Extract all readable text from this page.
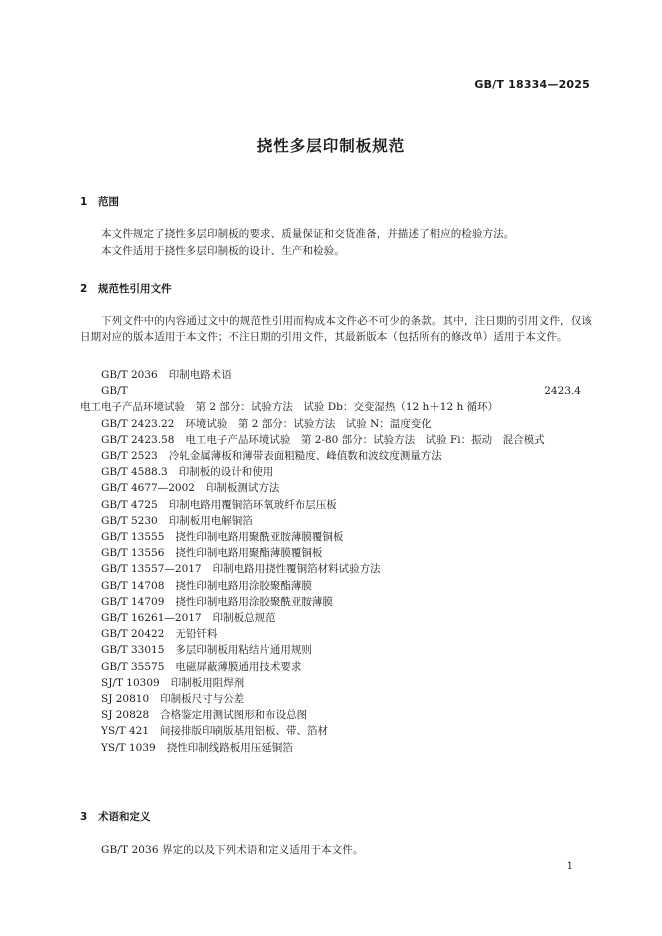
GB/T 18334—2025
挠性多层印制板规范
1 范围
本文件规定了挠性多层印制板的要求、质量保证和交货准备，并描述了相应的检验方法。
本文件适用于挠性多层印制板的设计、生产和检验。
2 规范性引用文件
下列文件中的内容通过文中的规范性引用而构成本文件必不可少的条款。其中，注日期的引用文件，仅该日期对应的版本适用于本文件；不注日期的引用文件，其最新版本（包括所有的修改单）适用于本文件。
GB/T 2036 印制电路术语
GB/T 2423.4电工电子产品环境试验　第 2 部分：试验方法　试验 Db：交变湿热（12 h＋12 h 循环）
GB/T 2423.22 环境试验　第 2 部分：试验方法　试验 N：温度变化
GB/T 2423.58 电工电子产品环境试验　第 2-80 部分：试验方法　试验 Fi：振动　混合模式
GB/T 2523 冷轧金属薄板和薄带表面粗糙度、峰值数和波纹度测量方法
GB/T 4588.3 印制板的设计和使用
GB/T 4677—2002 印制板测试方法
GB/T 4725 印制电路用覆铜箔环氧玻纤布层压板
GB/T 5230 印制板用电解铜箔
GB/T 13555 挠性印制电路用聚酰亚胺薄膜覆铜板
GB/T 13556 挠性印制电路用聚酯薄膜覆铜板
GB/T 13557—2017 印制电路用挠性覆铜箔材料试验方法
GB/T 14708 挠性印制电路用涂胶聚酯薄膜
GB/T 14709 挠性印制电路用涂胶聚酰亚胺薄膜
GB/T 16261—2017 印制板总规范
GB/T 20422 无铅钎料
GB/T 33015 多层印制板用粘结片通用规则
GB/T 35575 电磁屏蔽薄膜通用技术要求
SJ/T 10309 印制板用阻焊剂
SJ 20810 印制板尺寸与公差
SJ 20828 合格鉴定用测试图形和布设总图
YS/T 421 间接排版印刷版基用铝板、带、箔材
YS/T 1039 挠性印制线路板用压延铜箔
3 术语和定义
GB/T 2036 界定的以及下列术语和定义适用于本文件。
1
